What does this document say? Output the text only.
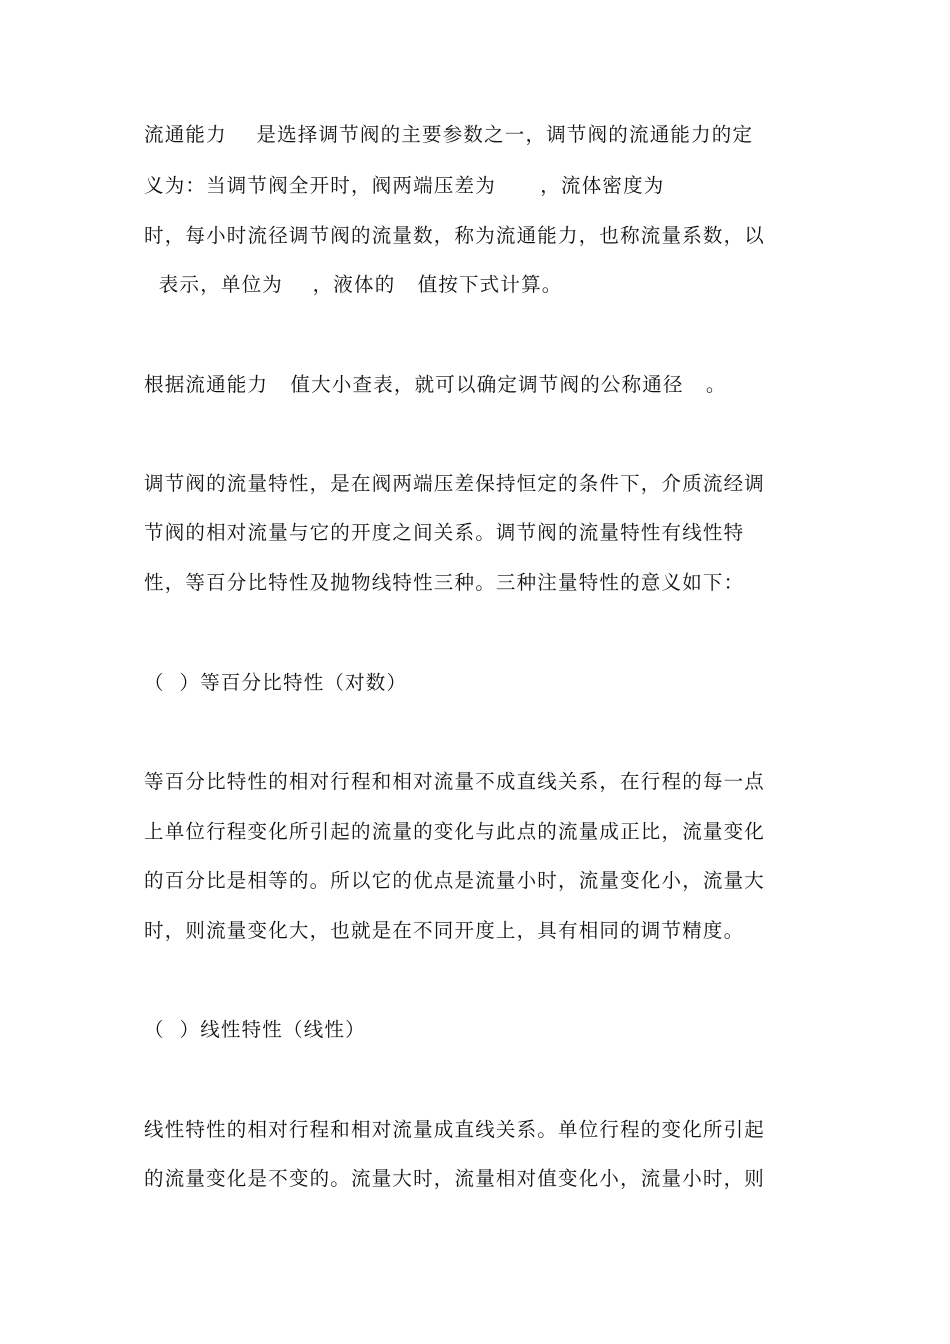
流通能力    是选择调节阀的主要参数之一，调节阀的流通能力的定
义为：当调节阀全开时，阀两端压差为      ，流体密度为
时，每小时流径调节阀的流量数，称为流通能力，也称流量系数，以
表示，单位为    ，液体的   值按下式计算。
根据流通能力   值大小查表，就可以确定调节阀的公称通径   。
调节阀的流量特性，是在阀两端压差保持恒定的条件下，介质流经调
节阀的相对流量与它的开度之间关系。调节阀的流量特性有线性特
性，等百分比特性及抛物线特性三种。三种注量特性的意义如下：
（  ）等百分比特性（对数）
等百分比特性的相对行程和相对流量不成直线关系，在行程的每一点
上单位行程变化所引起的流量的变化与此点的流量成正比，流量变化
的百分比是相等的。所以它的优点是流量小时，流量变化小，流量大
时，则流量变化大，也就是在不同开度上，具有相同的调节精度。
（  ）线性特性（线性）
线性特性的相对行程和相对流量成直线关系。单位行程的变化所引起
的流量变化是不变的。流量大时，流量相对值变化小，流量小时，则
